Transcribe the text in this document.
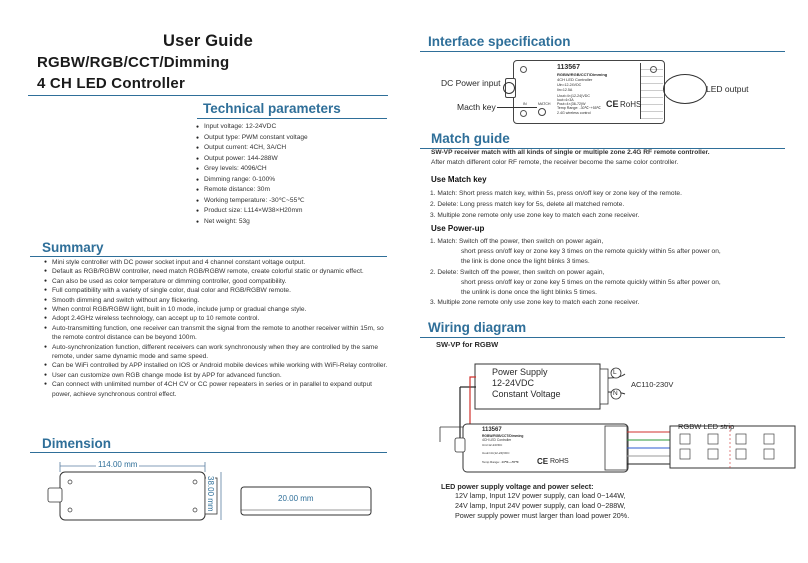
User Guide
RGBW/RGB/CCT/Dimming
4 CH LED Controller
Technical parameters
● Input voltage: 12-24VDC
● Output type: PWM constant voltage
● Output current: 4CH, 3A/CH
● Output power: 144-288W
● Grey levels: 4096/CH
● Dimming range: 0-100%
● Remote distance: 30m
● Working temperature: -30℃~55℃
● Product size: L114×W38×H20mm
● Net weight: 53g
Summary
● Mini style controller with DC power socket input and 4 channel constant voltage output.
● Default as RGB/RGBW controller, need match RGB/RGBW remote, create colorful static or dynamic effect.
● Can also be used as color temperature or dimming controller, good compatibility.
● Full compatibility with a variety of single color, dual color and RGB/RGBW remote.
● Smooth dimming and switch without any flickering.
● When control RGB/RGBW light, built in 10 mode, include jump or gradual change style.
● Adopt 2.4GHz wireless technology, can accept up to 10 remote control.
● Auto-transmitting function, one receiver can transmit the signal from the remote to another receiver within 15m, so the remote control distance can be beyond 100m.
● Auto-synchronization function, different receivers can work synchronously when they are controlled by the same remote, under same dynamic mode and same speed.
● Can be WiFi controlled by APP installed on IOS or Android mobile devices while working with WiFi-Relay controller.
● User can customize own RGB change mode list by APP for advanced function.
● Can connect with unlimited number of 4CH CV or CC power repeaters in series or in parallel to expand output power, achieve synchronous control effect.
Dimension
114.00 mm
38.00 mm	20.00 mm
Interface specification
113567
RGBW/RGB/CCT/Dimming
4CH LED Controller
Uin=12-24VDC
Iin=12.5A
Uout=4×(12-24)VDC
Iout=4×3A
Pout=4×(36-72)W
Temp Range: -30℃~+55℃
2.4G wireless control
RoHS
CE
MATCH
IN
DC Power input
Macth key
LED output
Match guide
SW-VP receiver match with all kinds of single or multiple zone 2.4G RF remote controller.
After match different color RF remote, the receiver become the same color controller.
Use Match key
1. Match: Short press match key, within 5s, press on/off key or zone key of the remote.
2. Delete: Long press match key for 5s, delete all matched remote.
3. Multiple zone remote only use zone key to match each zone receiver.
Use Power-up
1. Match: Switch off the power, then switch on power again,
short press on/off key or zone key 3 times on the remote quickly within 5s after power on,
the link is done once the light blinks 3 times.
2. Delete: Switch off the power, then switch on power again,
short press on/off key or zone key 5 times on the remote quickly within 5s after power on,
the unlink is done once the light blinks 5 times.
3. Multiple zone remote only use zone key to match each zone receiver.
Wiring diagram
SW-VP for RGBW
Power Supply
12-24VDC
Constant Voltage
AC110-230V
L
N
RGBW LED strip
113567
RGBW/RGB/CCT/Dimming
4CH LED Controller
Uin=12-24VDC
Uout=4×(12-24)VDC
Temp Range: -30℃~+55℃	RoHS
CE
LED power supply voltage and power select:
12V lamp, Input 12V power supply, can load 0~144W,
24V lamp, Input 24V power supply, can load 0~288W,
Power supply power must larger than load power 20%.
